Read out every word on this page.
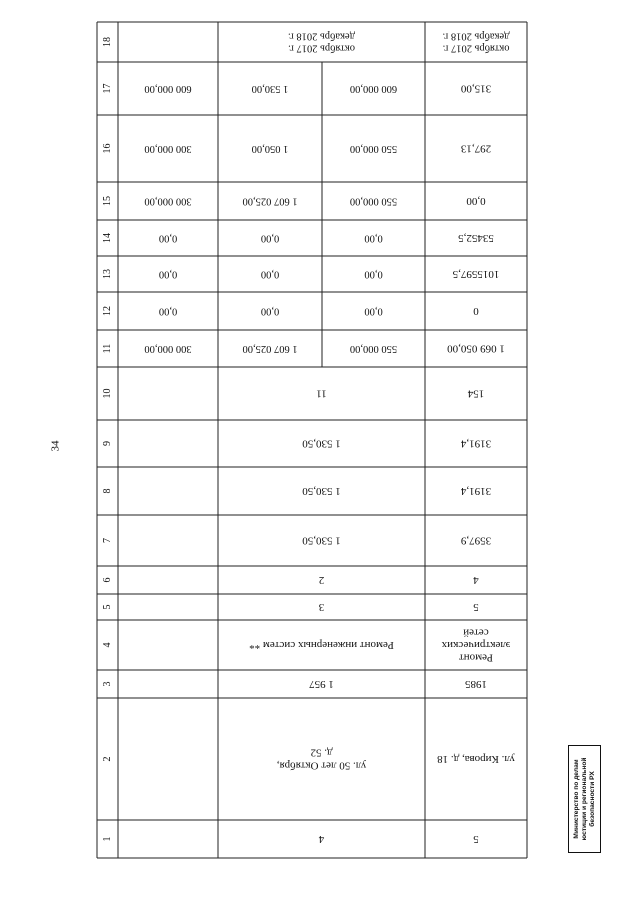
34
1
2
3
4
5
6
7
8
9
10
11
12
13
14
15
16
17
18
4
ул. 50 лет Октября,
д. 52
1 957
Ремонт инженерных систем **
3
2
1 530,50
1 530,50
1 530,50
11
550 000,00
1 607 025,00
0,00
0,00
0,00
0,00
0,00
0,00
550 000,00
1 607 025,00
550 000,00
1 050,00
600 000,00
1 530,00
октябрь 2017 г.
декабрь 2018 г.
5
ул. Кирова, д. 18
1985
Ремонт
электрических
сетей
5
4
3597,9
3191,4
3191,4
154
1 069 050,00
0
1015597,5
53452,5
0,00
297,13
315,00
октябрь 2017 г.
декабрь 2018 г.
300 000,00
0,00
0,00
0,00
300 000,00
300 000,00
600 000,00
Министерство по делам юстиции и региональной безопасности РХ
